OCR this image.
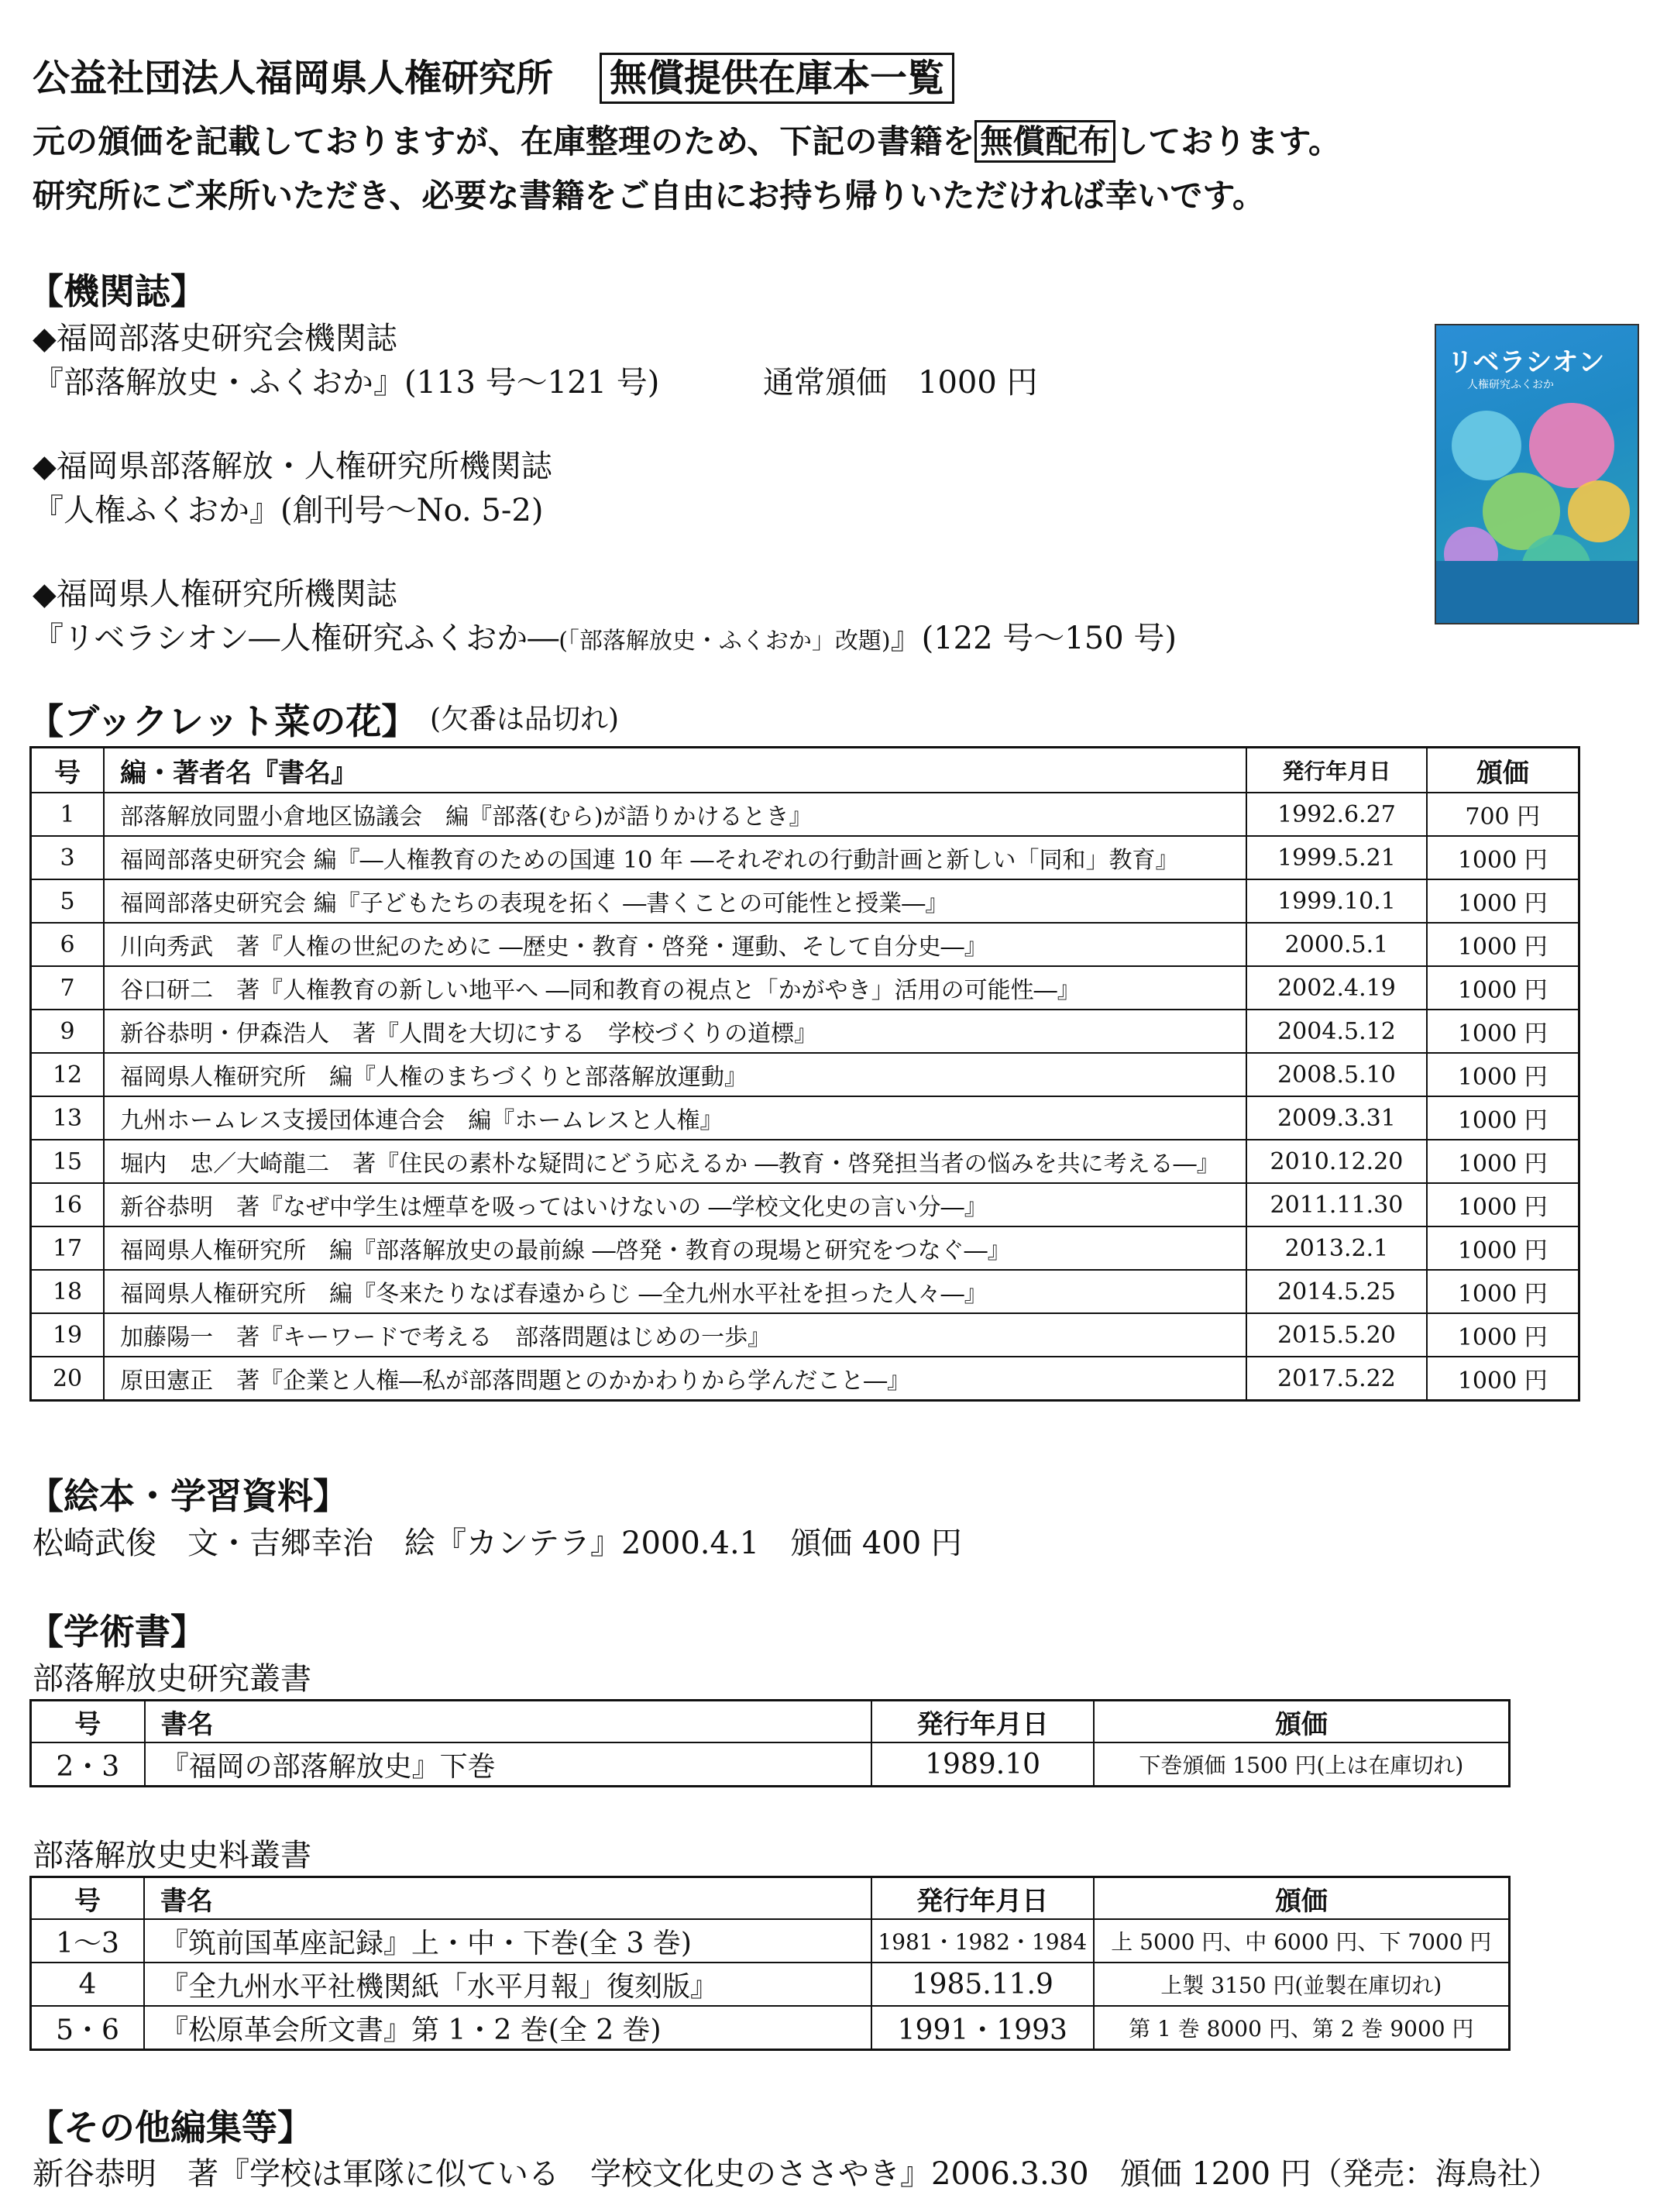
公益社団法人福岡県人権研究所 無償提供在庫本一覧
元の頒価を記載しておりますが、在庫整理のため、下記の書籍を 無償配布 しております。
研究所にご来所いただき、必要な書籍をご自由にお持ち帰りいただければ幸いです。
【機関誌】
◆福岡部落史研究会機関誌
『部落解放史・ふくおか』(113 号～121 号)	通常頒価　1000 円
◆福岡県部落解放・人権研究所機関誌
『人権ふくおか』(創刊号～No. 5-2)
◆福岡県人権研究所機関誌
『リベラシオン―人権研究ふくおか―(「部落解放史・ふくおか」改題)』(122 号～150 号)
リベラシオン
人権研究ふくおか
【ブックレット菜の花】 (欠番は品切れ)
号	編・著者名『書名』	発行年月日	頒価
1	部落解放同盟小倉地区協議会　編『部落(むら)が語りかけるとき』	1992.6.27	700 円
3	福岡部落史研究会 編『―人権教育のための国連 10 年 ―それぞれの行動計画と新しい「同和」教育』	1999.5.21	1000 円
5	福岡部落史研究会 編『子どもたちの表現を拓く ―書くことの可能性と授業―』	1999.10.1	1000 円
6	川向秀武　著『人権の世紀のために ―歴史・教育・啓発・運動、そして自分史―』	2000.5.1	1000 円
7	谷口研二　著『人権教育の新しい地平へ ―同和教育の視点と「かがやき」活用の可能性―』	2002.4.19	1000 円
9	新谷恭明・伊森浩人　著『人間を大切にする　学校づくりの道標』	2004.5.12	1000 円
12	福岡県人権研究所　編『人権のまちづくりと部落解放運動』	2008.5.10	1000 円
13	九州ホームレス支援団体連合会　編『ホームレスと人権』	2009.3.31	1000 円
15	堀内　忠／大崎龍二　著『住民の素朴な疑問にどう応えるか ―教育・啓発担当者の悩みを共に考える―』	2010.12.20	1000 円
16	新谷恭明　著『なぜ中学生は煙草を吸ってはいけないの ―学校文化史の言い分―』	2011.11.30	1000 円
17	福岡県人権研究所　編『部落解放史の最前線 ―啓発・教育の現場と研究をつなぐ―』	2013.2.1	1000 円
18	福岡県人権研究所　編『冬来たりなば春遠からじ ―全九州水平社を担った人々―』	2014.5.25	1000 円
19	加藤陽一　著『キーワードで考える　部落問題はじめの一歩』	2015.5.20	1000 円
20	原田憲正　著『企業と人権―私が部落問題とのかかわりから学んだこと―』	2017.5.22	1000 円
【絵本・学習資料】
松崎武俊　文・吉郷幸治　絵『カンテラ』2000.4.1　頒価 400 円
【学術書】
部落解放史研究叢書
号	書名	発行年月日	頒価
2・3	『福岡の部落解放史』下巻	1989.10	下巻頒価 1500 円(上は在庫切れ)
部落解放史史料叢書
号	書名	発行年月日	頒価
1～3	『筑前国革座記録』上・中・下巻(全 3 巻)	1981・1982・1984	上 5000 円、中 6000 円、下 7000 円
4	『全九州水平社機関紙「水平月報」復刻版』	1985.11.9	上製 3150 円(並製在庫切れ)
5・6	『松原革会所文書』第 1・2 巻(全 2 巻)	1991・1993	第 1 巻 8000 円、第 2 巻 9000 円
【その他編集等】
新谷恭明　著『学校は軍隊に似ている　学校文化史のささやき』2006.3.30　頒価 1200 円（発売：海鳥社）
